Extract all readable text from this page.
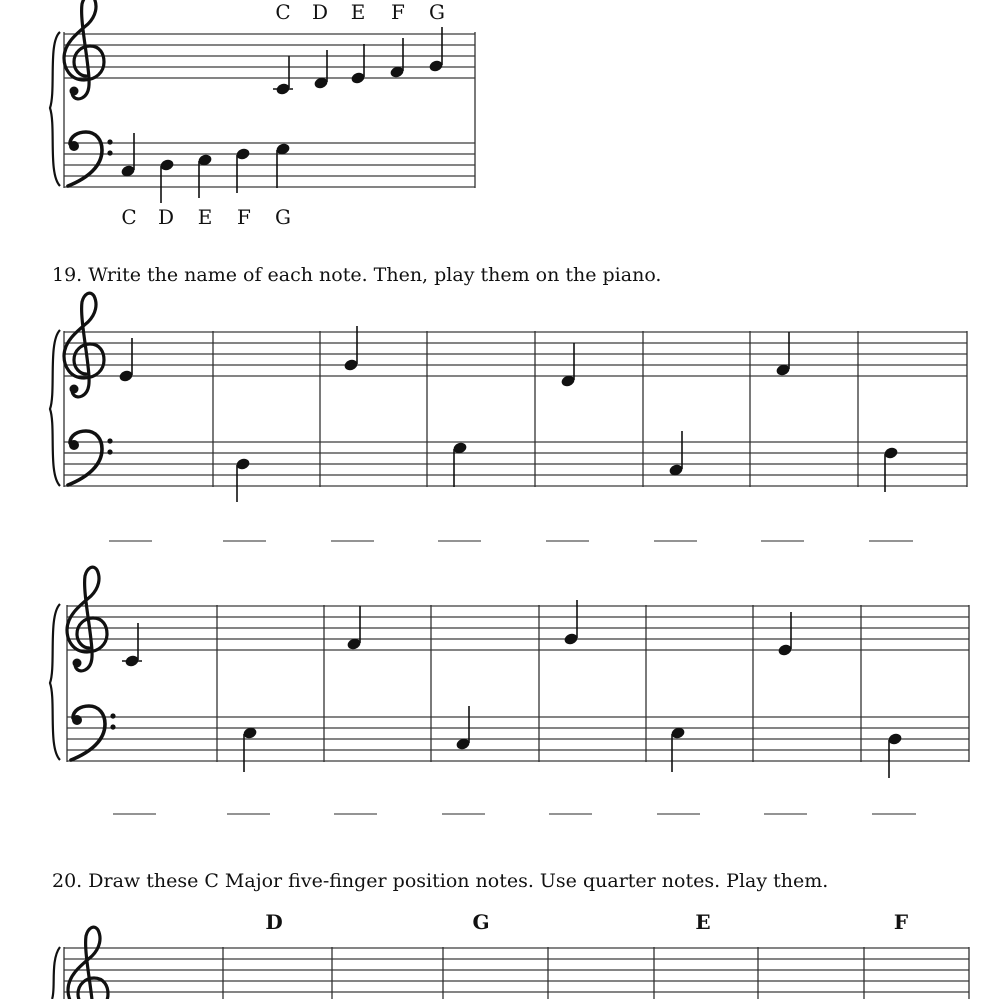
C D E F G
C D E F G
19. Write the name of each note. Then, play them on the piano.
20. Draw these C Major five-finger position notes. Use quarter notes. Play them.
D	G	E	F
